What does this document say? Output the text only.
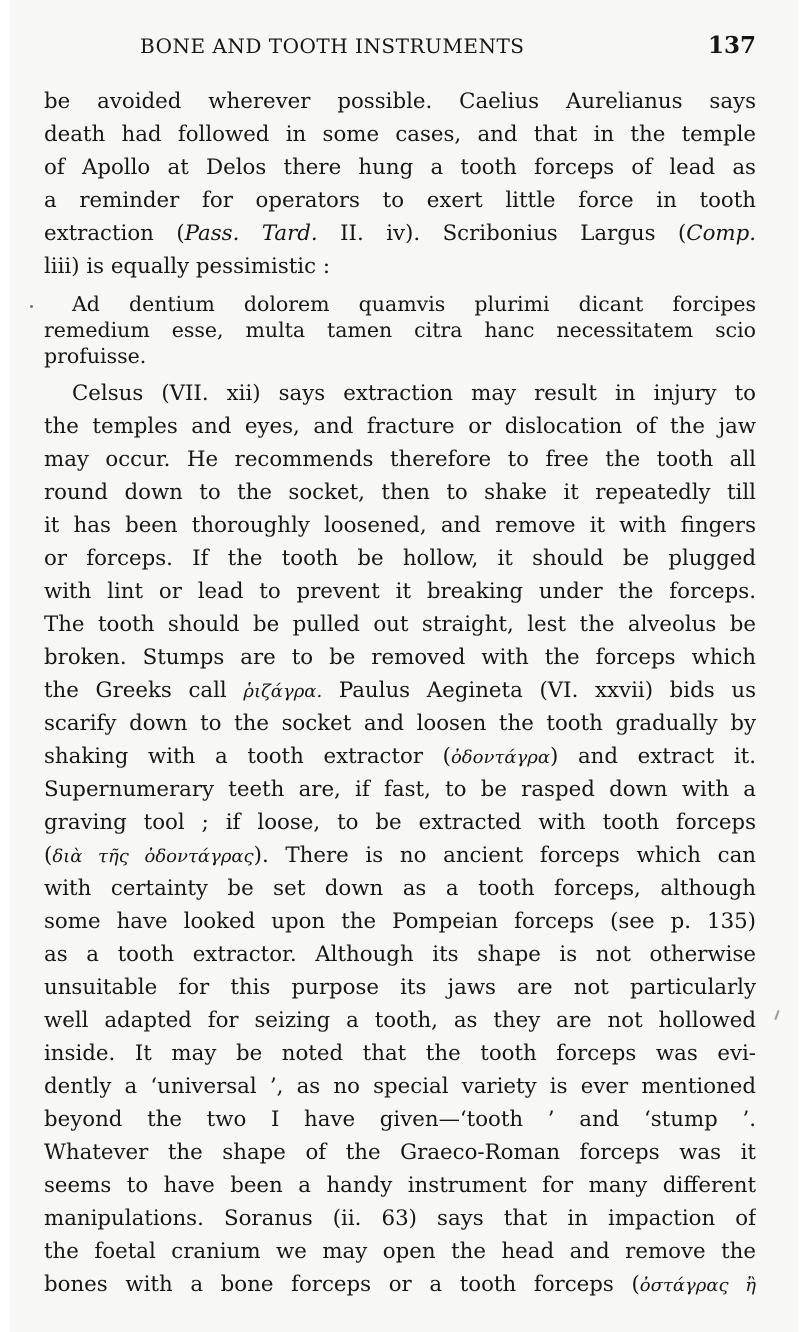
BONE AND TOOTH INSTRUMENTS	137
be avoided wherever possible. Caelius Aurelianus says
death had followed in some cases, and that in the temple
of Apollo at Delos there hung a tooth forceps of lead as
a reminder for operators to exert little force in tooth
extraction (Pass. Tard. II. iv). Scribonius Largus (Comp.
liii) is equally pessimistic :
Ad dentium dolorem quamvis plurimi dicant forcipes
remedium esse, multa tamen citra hanc necessitatem scio
profuisse.
Celsus (VII. xii) says extraction may result in injury to
the temples and eyes, and fracture or dislocation of the jaw
may occur. He recommends therefore to free the tooth all
round down to the socket, then to shake it repeatedly till
it has been thoroughly loosened, and remove it with fingers
or forceps. If the tooth be hollow, it should be plugged
with lint or lead to prevent it breaking under the forceps.
The tooth should be pulled out straight, lest the alveolus be
broken. Stumps are to be removed with the forceps which
the Greeks call ῥιζάγρα. Paulus Aegineta (VI. xxvii) bids us
scarify down to the socket and loosen the tooth gradually by
shaking with a tooth extractor (ὀδοντάγρα) and extract it.
Supernumerary teeth are, if fast, to be rasped down with a
graving tool ; if loose, to be extracted with tooth forceps
(διὰ τῆς ὀδοντάγρας). There is no ancient forceps which can
with certainty be set down as a tooth forceps, although
some have looked upon the Pompeian forceps (see p. 135)
as a tooth extractor. Although its shape is not otherwise
unsuitable for this purpose its jaws are not particularly
well adapted for seizing a tooth, as they are not hollowed
inside. It may be noted that the tooth forceps was evi-
dently a ‘universal ’, as no special variety is ever mentioned
beyond the two I have given—‘tooth ’ and ‘stump ’.
Whatever the shape of the Graeco-Roman forceps was it
seems to have been a handy instrument for many different
manipulations. Soranus (ii. 63) says that in impaction of
the foetal cranium we may open the head and remove the
bones with a bone forceps or a tooth forceps (ὀστάγρας ἢ
